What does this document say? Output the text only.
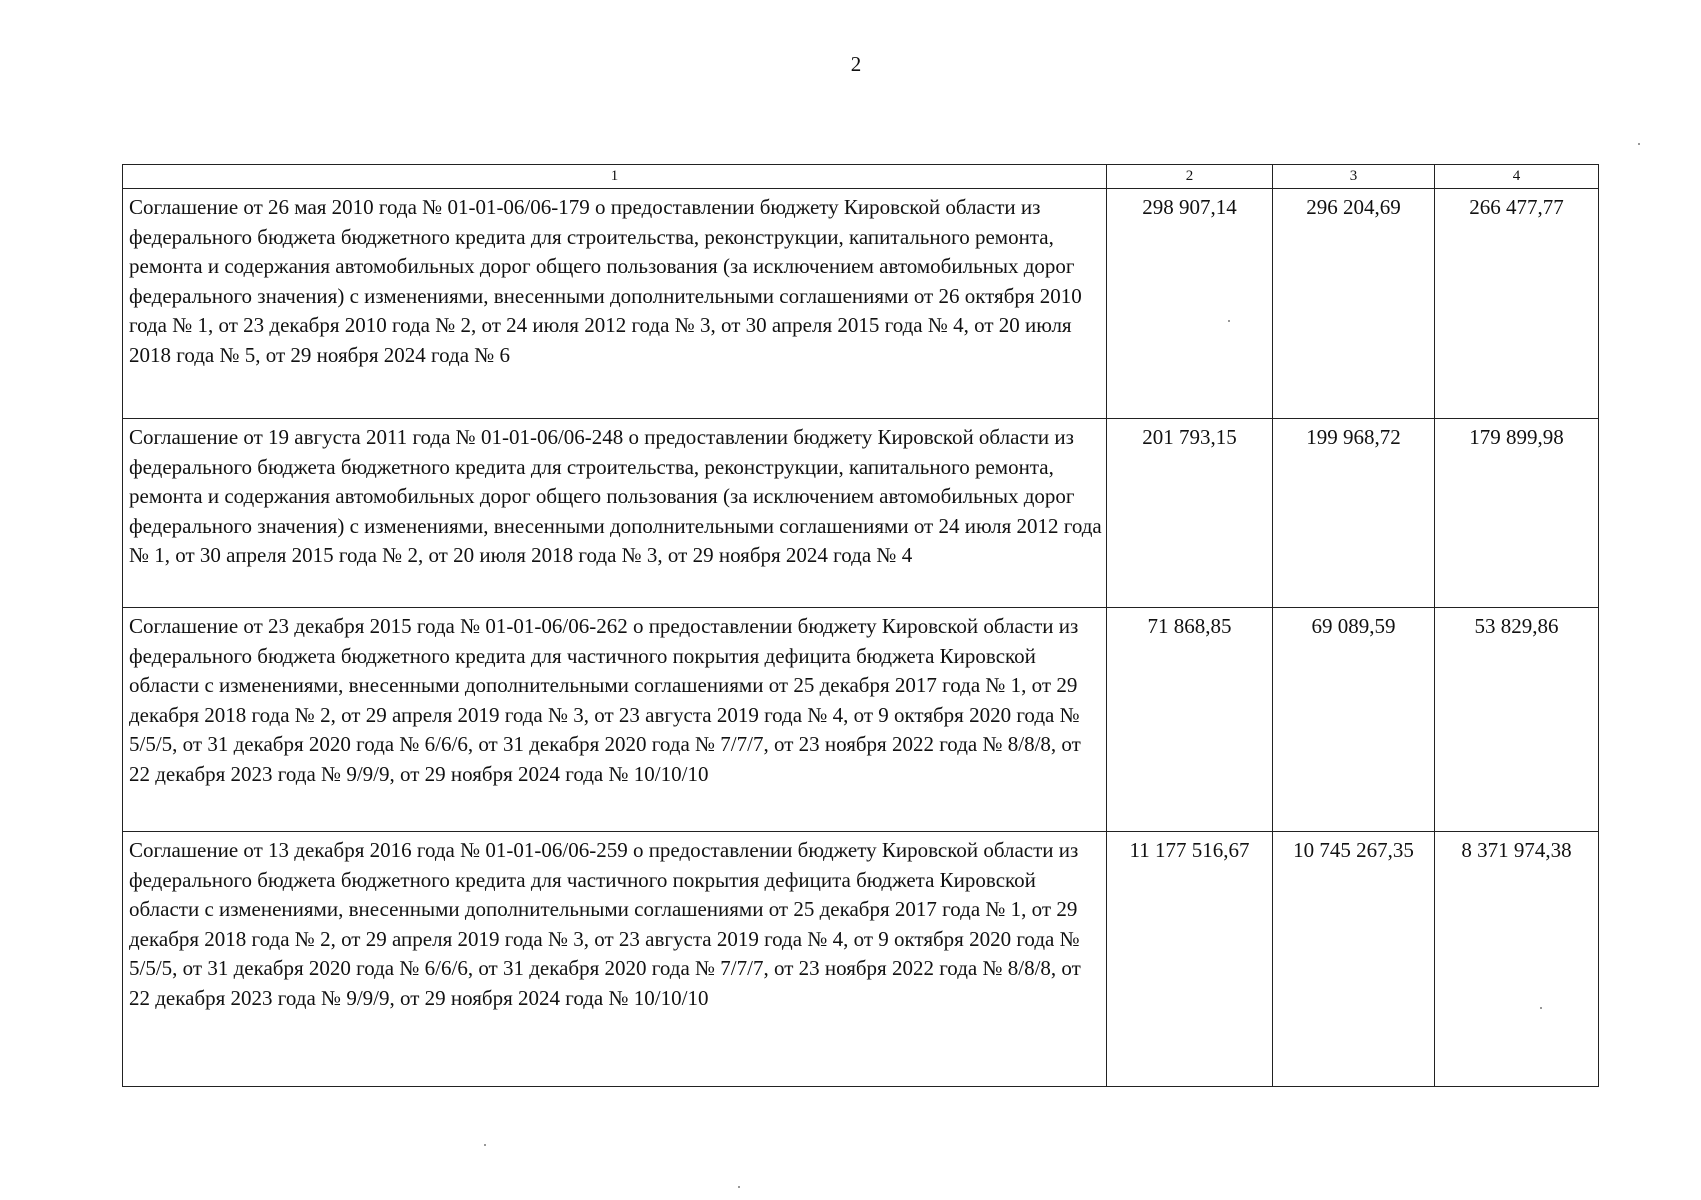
2
1	2	3	4
Соглашение от 26 мая 2010 года № 01-01-06/06-179 о предоставлении бюджету Кировской области из федерального бюджета бюджетного кредита для строительства, реконструкции, капитального ремонта, ремонта и содержания автомобильных дорог общего пользования (за исключением автомобильных дорог федерального значения) с изменениями, внесенными дополнительными соглашениями от 26 октября 2010 года № 1, от 23 декабря 2010 года № 2, от 24 июля 2012 года № 3, от 30 апреля 2015 года № 4, от 20 июля 2018 года № 5, от 29 ноября 2024 года № 6	298 907,14	296 204,69	266 477,77
Соглашение от 19 августа 2011 года № 01-01-06/06-248 о предоставлении бюджету Кировской области из федерального бюджета бюджетного кредита для строительства, реконструкции, капитального ремонта, ремонта и содержания автомобильных дорог общего пользования (за исключением автомобильных дорог федерального значения) с изменениями, внесенными дополнительными соглашениями от 24 июля 2012 года № 1, от 30 апреля 2015 года № 2, от 20 июля 2018 года № 3, от 29 ноября 2024 года № 4	201 793,15	199 968,72	179 899,98
Соглашение от 23 декабря 2015 года № 01-01-06/06-262 о предоставлении бюджету Кировской области из федерального бюджета бюджетного кредита для частичного покрытия дефицита бюджета Кировской области с изменениями, внесенными дополнительными соглашениями от 25 декабря 2017 года № 1, от 29 декабря 2018 года № 2, от 29 апреля 2019 года № 3, от 23 августа 2019 года № 4, от 9 октября 2020 года № 5/5/5, от 31 декабря 2020 года № 6/6/6, от 31 декабря 2020 года № 7/7/7, от 23 ноября 2022 года № 8/8/8, от 22 декабря 2023 года № 9/9/9, от 29 ноября 2024 года № 10/10/10	71 868,85	69 089,59	53 829,86
Соглашение от 13 декабря 2016 года № 01-01-06/06-259 о предоставлении бюджету Кировской области из федерального бюджета бюджетного кредита для частичного покрытия дефицита бюджета Кировской области с изменениями, внесенными дополнительными соглашениями от 25 декабря 2017 года № 1, от 29 декабря 2018 года № 2, от 29 апреля 2019 года № 3, от 23 августа 2019 года № 4, от 9 октября 2020 года № 5/5/5, от 31 декабря 2020 года № 6/6/6, от 31 декабря 2020 года № 7/7/7, от 23 ноября 2022 года № 8/8/8, от 22 декабря 2023 года № 9/9/9, от 29 ноября 2024 года № 10/10/10	11 177 516,67	10 745 267,35	8 371 974,38
